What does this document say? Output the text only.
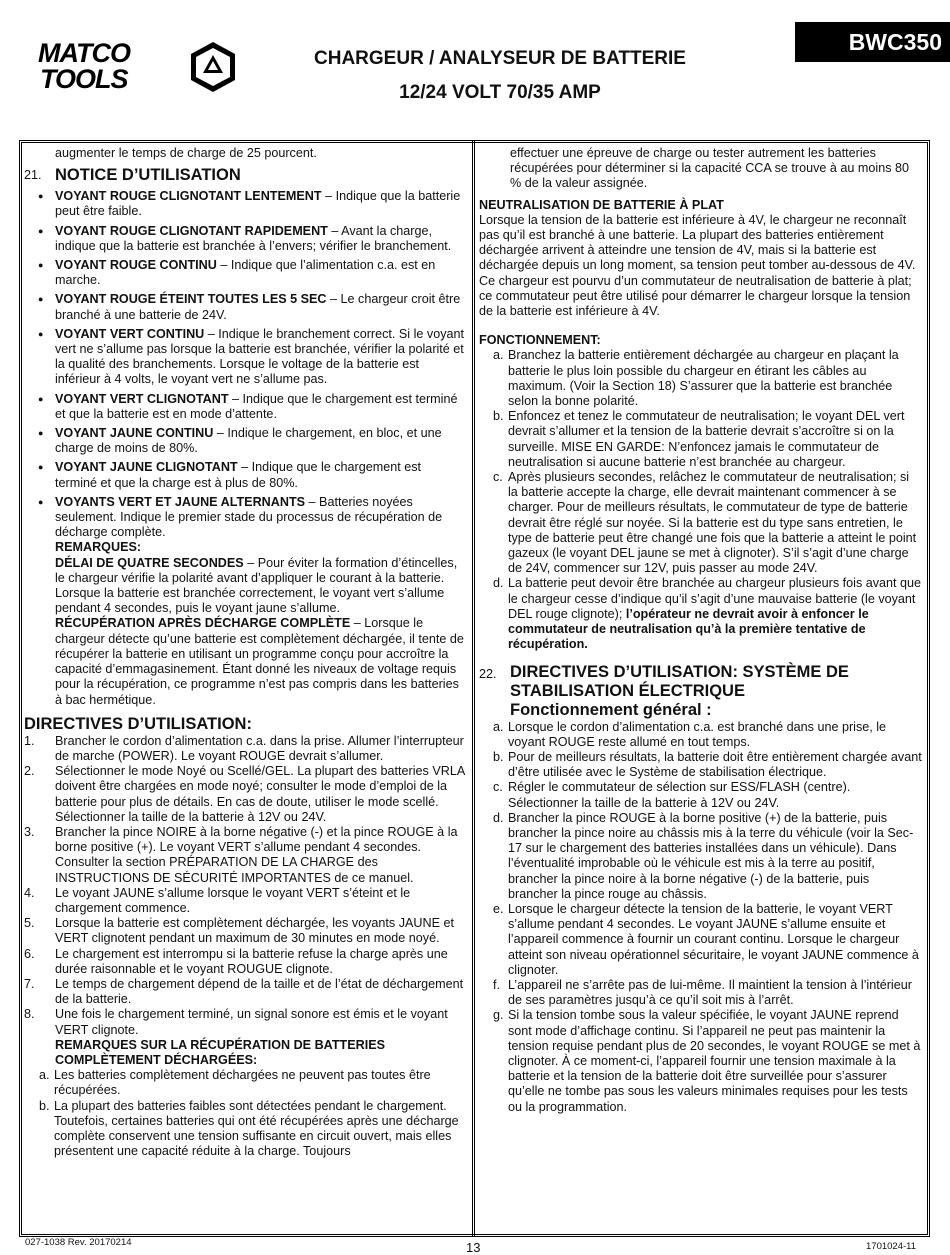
MATCO
TOOLS
CHARGEUR / ANALYSEUR DE BATTERIE
12/24 VOLT 70/35 AMP
BWC350

augmenter le temps de charge de 25 pourcent.

21. NOTICE D’UTILISATION
● VOYANT ROUGE CLIGNOTANT LENTEMENT – Indique que la batterie peut être faible.
● VOYANT ROUGE CLIGNOTANT RAPIDEMENT – Avant la charge, indique que la batterie est branchée à l’envers; vérifier le branchement.
● VOYANT ROUGE CONTINU – Indique que l’alimentation c.a. est en marche.
● VOYANT ROUGE ÉTEINT TOUTES LES 5 SEC – Le chargeur croit être branché à une batterie de 24V.
● VOYANT VERT CONTINU – Indique le branchement correct. Si le voyant vert ne s’allume pas lorsque la batterie est branchée, vérifier la polarité et la qualité des branchements. Lorsque le voltage de la batterie est inférieur à 4 volts, le voyant vert ne s’allume pas.
● VOYANT VERT CLIGNOTANT – Indique que le chargement est terminé et que la batterie est en mode d’attente.
● VOYANT JAUNE CONTINU – Indique le chargement, en bloc, et une charge de moins de 80%.
● VOYANT JAUNE CLIGNOTANT – Indique que le chargement est terminé et que la charge est à plus de 80%.
● VOYANTS VERT ET JAUNE ALTERNANTS – Batteries noyées seulement. Indique le premier stade du processus de récupération de décharge complète.

REMARQUES:

DÉLAI DE QUATRE SECONDES – Pour éviter la formation d’étincelles, le chargeur vérifie la polarité avant d’appliquer le courant à la batterie. Lorsque la batterie est branchée correctement, le voyant vert s’allume pendant 4 secondes, puis le voyant jaune s’allume.

RÉCUPÉRATION APRÈS DÉCHARGE COMPLÈTE – Lorsque le chargeur détecte qu’une batterie est complètement déchargée, il tente de récupérer la batterie en utilisant un programme conçu pour accroître la capacité d’emmagasinement. Étant donné les niveaux de voltage requis pour la récupération, ce programme n’est pas compris dans les batteries à bac hermétique.

DIRECTIVES D’UTILISATION:
1. Brancher le cordon d’alimentation c.a. dans la prise. Allumer l’interrupteur de marche (POWER). Le voyant ROUGE devrait s’allumer.
2. Sélectionner le mode Noyé ou Scellé/GEL. La plupart des batteries VRLA doivent être chargées en mode noyé; consulter le mode d’emploi de la batterie pour plus de détails. En cas de doute, utiliser le mode scellé. Sélectionner la taille de la batterie à 12V ou 24V.
3. Brancher la pince NOIRE à la borne négative (-) et la pince ROUGE à la borne positive (+). Le voyant VERT s’allume pendant 4 secondes. Consulter la section PRÉPARATION DE LA CHARGE des INSTRUCTIONS DE SÉCURITÉ IMPORTANTES de ce manuel.
4. Le voyant JAUNE s’allume lorsque le voyant VERT s’éteint et le chargement commence.
5. Lorsque la batterie est complètement déchargée, les voyants JAUNE et VERT clignotent pendant un maximum de 30 minutes en mode noyé.
6. Le chargement est interrompu si la batterie refuse la charge après une durée raisonnable et le voyant ROUGUE clignote.
7. Le temps de chargement dépend de la taille et de l’état de déchargement de la batterie.
8. Une fois le chargement terminé, un signal sonore est émis et le voyant VERT clignote.

REMARQUES SUR LA RÉCUPÉRATION DE BATTERIES COMPLÈTEMENT DÉCHARGÉES:

a. Les batteries complètement déchargées ne peuvent pas toutes être récupérées.
b. La plupart des batteries faibles sont détectées pendant le chargement. Toutefois, certaines batteries qui ont été récupérées après une décharge complète conservent une tension suffisante en circuit ouvert, mais elles présentent une capacité réduite à la charge. Toujours

effectuer une épreuve de charge ou tester autrement les batteries récupérées pour déterminer si la capacité CCA se trouve à au moins 80 % de la valeur assignée.

NEUTRALISATION DE BATTERIE À PLAT

Lorsque la tension de la batterie est inférieure à 4V, le chargeur ne reconnaît pas qu’il est branché à une batterie. La plupart des batteries entièrement déchargée arrivent à atteindre une tension de 4V, mais si la batterie est déchargée depuis un long moment, sa tension peut tomber au-dessous de 4V. Ce chargeur est pourvu d’un commutateur de neutralisation de batterie à plat; ce commutateur peut être utilisé pour démarrer le chargeur lorsque la tension de la batterie est inférieure à 4V.

FONCTIONNEMENT:

a. Branchez la batterie entièrement déchargée au chargeur en plaçant la batterie le plus loin possible du chargeur en étirant les câbles au maximum. (Voir la Section 18) S’assurer que la batterie est branchée selon la bonne polarité.
b. Enfoncez et tenez le commutateur de neutralisation; le voyant DEL vert devrait s’allumer et la tension de la batterie devrait s’accroître si on la surveille. MISE EN GARDE: N’enfoncez jamais le commutateur de neutralisation si aucune batterie n’est branchée au chargeur.
c. Après plusieurs secondes, relâchez le commutateur de neutralisation; si la batterie accepte la charge, elle devrait maintenant commencer à se charger. Pour de meilleurs résultats, le commutateur de type de batterie devrait être réglé sur noyée. Si la batterie est du type sans entretien, le type de batterie peut être changé une fois que la batterie a atteint le point gazeux (le voyant DEL jaune se met à clignoter). S’il s’agit d’une charge de 24V, commencer sur 12V, puis passer au mode 24V.
d. La batterie peut devoir être branchée au chargeur plusieurs fois avant que le chargeur cesse d’indique qu’il s’agit d’une mauvaise batterie (le voyant DEL rouge clignote); l’opérateur ne devrait avoir à enfoncer le commutateur de neutralisation qu’à la première tentative de récupération.
22. DIRECTIVES D’UTILISATION: SYSTÈME DE STABILISATION ÉLECTRIQUE
Fonctionnement général :
a. Lorsque le cordon d’alimentation c.a. est branché dans une prise, le voyant ROUGE reste allumé en tout temps.
b. Pour de meilleurs résultats, la batterie doit être entièrement chargée avant d’être utilisée avec le Système de stabilisation électrique.
c. Régler le commutateur de sélection sur ESS/FLASH (centre). Sélectionner la taille de la batterie à 12V ou 24V.
d. Brancher la pince ROUGE à la borne positive (+) de la batterie, puis brancher la pince noire au châssis mis à la terre du véhicule (voir la Sec-17 sur le chargement des batteries installées dans un véhicule). Dans l’éventualité improbable où le véhicule est mis à la terre au positif, brancher la pince noire à la borne négative (-) de la batterie, puis brancher la pince rouge au châssis.
e. Lorsque le chargeur détecte la tension de la batterie, le voyant VERT s’allume pendant 4 secondes. Le voyant JAUNE s’allume ensuite et l’appareil commence à fournir un courant continu. Lorsque le chargeur atteint son niveau opérationnel sécuritaire, le voyant JAUNE commence à clignoter.
f. L’appareil ne s’arrête pas de lui-même. Il maintient la tension à l’intérieur de ses paramètres jusqu’à ce qu’il soit mis à l’arrêt.
g. Si la tension tombe sous la valeur spécifiée, le voyant JAUNE reprend sont mode d’affichage continu. Si l’appareil ne peut pas maintenir la tension requise pendant plus de 20 secondes, le voyant ROUGE se met à clignoter. À ce moment-ci, l’appareil fournir une tension maximale à la batterie et la tension de la batterie doit être surveillée pour s’assurer qu’elle ne tombe pas sous les valeurs minimales requises pour les tests ou la programmation.
027-1038 Rev. 20170214	13	1701024-11
